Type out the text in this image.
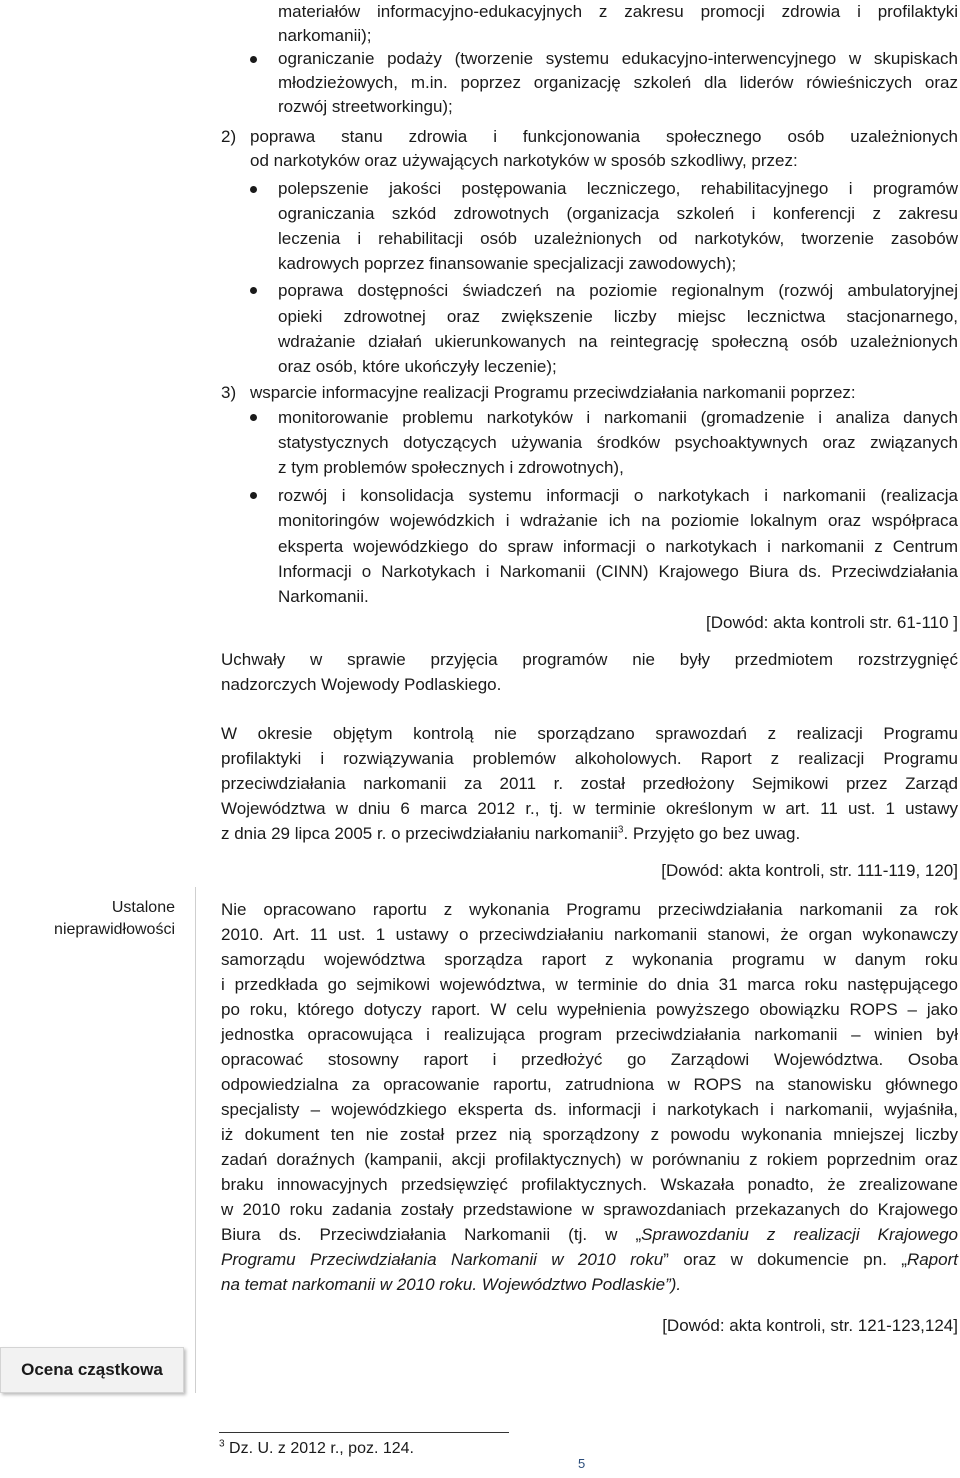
materiałów informacyjno-edukacyjnych z zakresu promocji zdrowia i profilaktyki
narkomanii);
ograniczanie podaży (tworzenie systemu edukacyjno-interwencyjnego w skupiskach
młodzieżowych, m.in. poprzez organizację szkoleń dla liderów rówieśniczych oraz
rozwój streetworkingu);
2) poprawa stanu zdrowia i funkcjonowania społecznego osób uzależnionych
od narkotyków oraz używających narkotyków w sposób szkodliwy, przez:
polepszenie jakości postępowania leczniczego, rehabilitacyjnego i programów
ograniczania szkód zdrowotnych (organizacja szkoleń i konferencji z zakresu
leczenia i rehabilitacji osób uzależnionych od narkotyków, tworzenie zasobów
kadrowych poprzez finansowanie specjalizacji zawodowych);
poprawa dostępności świadczeń na poziomie regionalnym (rozwój ambulatoryjnej
opieki zdrowotnej oraz zwiększenie liczby miejsc lecznictwa stacjonarnego,
wdrażanie działań ukierunkowanych na reintegrację społeczną osób uzależnionych
oraz osób, które ukończyły leczenie);
3) wsparcie informacyjne realizacji Programu przeciwdziałania narkomanii poprzez:
monitorowanie problemu narkotyków i narkomanii (gromadzenie i analiza danych
statystycznych dotyczących używania środków psychoaktywnych oraz związanych
z tym problemów społecznych i zdrowotnych),
rozwój i konsolidacja systemu informacji o narkotykach i narkomanii (realizacja
monitoringów wojewódzkich i wdrażanie ich na poziomie lokalnym oraz współpraca
eksperta wojewódzkiego do spraw informacji o narkotykach i narkomanii z Centrum
Informacji o Narkotykach i Narkomanii (CINN) Krajowego Biura ds. Przeciwdziałania
Narkomanii.
[Dowód: akta kontroli str. 61-110 ]
Uchwały w sprawie przyjęcia programów nie były przedmiotem rozstrzygnięć
nadzorczych Wojewody Podlaskiego.
W okresie objętym kontrolą nie sporządzano sprawozdań z realizacji Programu
profilaktyki i rozwiązywania problemów alkoholowych. Raport z realizacji Programu
przeciwdziałania narkomanii za 2011 r. został przedłożony Sejmikowi przez Zarząd
Województwa w dniu 6 marca 2012 r., tj. w terminie określonym w art. 11 ust. 1 ustawy
z dnia 29 lipca 2005 r. o przeciwdziałaniu narkomanii$^3$. Przyjęto go bez uwag.
[Dowód: akta kontroli, str. 111-119, 120]
Ustalone
nieprawidłowości
Nie opracowano raportu z wykonania Programu przeciwdziałania narkomanii za rok
2010. Art. 11 ust. 1 ustawy o przeciwdziałaniu narkomanii stanowi, że organ wykonawczy
samorządu województwa sporządza raport z wykonania programu w danym roku
i przedkłada go sejmikowi województwa, w terminie do dnia 31 marca roku następującego
po roku, którego dotyczy raport. W celu wypełnienia powyższego obowiązku ROPS – jako
jednostka opracowująca i realizująca program przeciwdziałania narkomanii – winien był
opracować stosowny raport i przedłożyć go Zarządowi Województwa. Osoba
odpowiedzialna za opracowanie raportu, zatrudniona w ROPS na stanowisku głównego
specjalisty – wojewódzkiego eksperta ds. informacji i narkotykach i narkomanii, wyjaśniła,
iż dokument ten nie został przez nią sporządzony z powodu wykonania mniejszej liczby
zadań doraźnych (kampanii, akcji profilaktycznych) w porównaniu z rokiem poprzednim oraz
braku innowacyjnych przedsięwzięć profilaktycznych. Wskazała ponadto, że zrealizowane
w 2010 roku zadania zostały przedstawione w sprawozdaniach przekazanych do Krajowego
Biura ds. Przeciwdziałania Narkomanii (tj. w „Sprawozdaniu z realizacji Krajowego
Programu Przeciwdziałania Narkomanii w 2010 roku” oraz w dokumencie pn. „Raport
na temat narkomanii w 2010 roku. Województwo Podlaskie”).
[Dowód: akta kontroli, str. 121-123,124]
Ocena cząstkowa
$^3$ Dz. U. z 2012 r., poz. 124.
5
